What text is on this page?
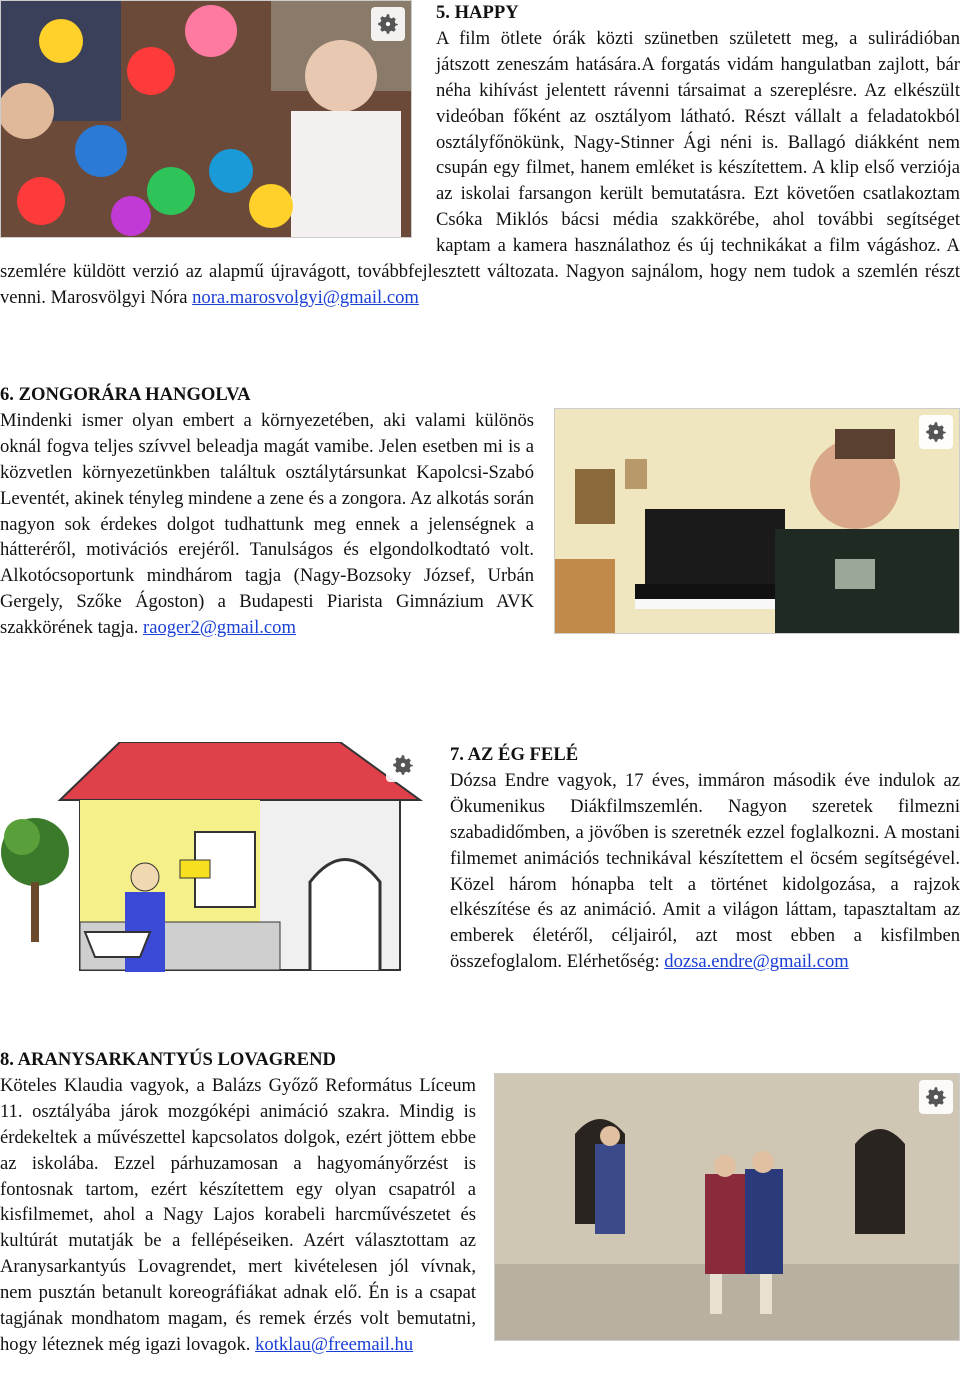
5. HAPPY
A film ötlete órák közti szünetben született meg, a sulirádióban játszott zeneszám hatására.A forgatás vidám hangulatban zajlott, bár néha kihívást jelentett rávenni társaimat a szereplésre. Az elkészült videóban főként az osztályom látható. Részt vállalt a feladatokból osztályfőnökünk, Nagy-Stinner Ági néni is. Ballagó diákként nem csupán egy filmet, hanem emléket is készítettem. A klip első verziója az iskolai farsangon került bemutatásra. Ezt követően csatlakoztam Csóka Miklós bácsi média szakkörébe, ahol további segítséget kaptam a kamera használathoz és új technikákat a film vágáshoz. A szemlére küldött verzió az alapmű újravágott, továbbfejlesztett változata. Nagyon sajnálom, hogy nem tudok a szemlén részt venni. Marosvölgyi Nóra nora.marosvolgyi@gmail.com
6. ZONGORÁRA HANGOLVA
Mindenki ismer olyan embert a környezetében, aki valami különös oknál fogva teljes szívvel beleadja magát vamibe. Jelen esetben mi is a közvetlen környezetünkben találtuk osztálytársunkat Kapolcsi-Szabó Leventét, akinek tényleg mindene a zene és a zongora. Az alkotás során nagyon sok érdekes dolgot tudhattunk meg ennek a jelenségnek a hátteréről, motivációs erejéről. Tanulságos és elgondolkodtató volt. Alkotócsoportunk mindhárom tagja (Nagy-Bozsoky József, Urbán Gergely, Szőke Ágoston) a Budapesti Piarista Gimnázium AVK szakkörének tagja. raoger2@gmail.com
7. AZ ÉG FELÉ
Dózsa Endre vagyok, 17 éves, immáron második éve indulok az Ökumenikus Diákfilmszemlén. Nagyon szeretek filmezni szabadidőmben, a jövőben is szeretnék ezzel foglalkozni. A mostani filmemet animációs technikával készítettem el öcsém segítségével. Közel három hónapba telt a történet kidolgozása, a rajzok elkészítése és az animáció. Amit a világon láttam, tapasztaltam az emberek életéről, céljairól, azt most ebben a kisfilmben összefoglalom. Elérhetőség: dozsa.endre@gmail.com
8. ARANYSARKANTYÚS LOVAGREND
Köteles Klaudia vagyok, a Balázs Győző Református Líceum 11. osztályába járok mozgóképi animáció szakra. Mindig is érdekeltek a művészettel kapcsolatos dolgok, ezért jöttem ebbe az iskolába. Ezzel párhuzamosan a hagyományőrzést is fontosnak tartom, ezért készítettem egy olyan csapatról a kisfilmemet, ahol a Nagy Lajos korabeli harcművészetet és kultúrát mutatják be a fellépéseiken. Azért választottam az Aranysarkantyús Lovagrendet, mert kivételesen jól vívnak, nem pusztán betanult koreográfiákat adnak elő. Én is a csapat tagjának mondhatom magam, és remek érzés volt bemutatni, hogy léteznek még igazi lovagok. kotklau@freemail.hu
